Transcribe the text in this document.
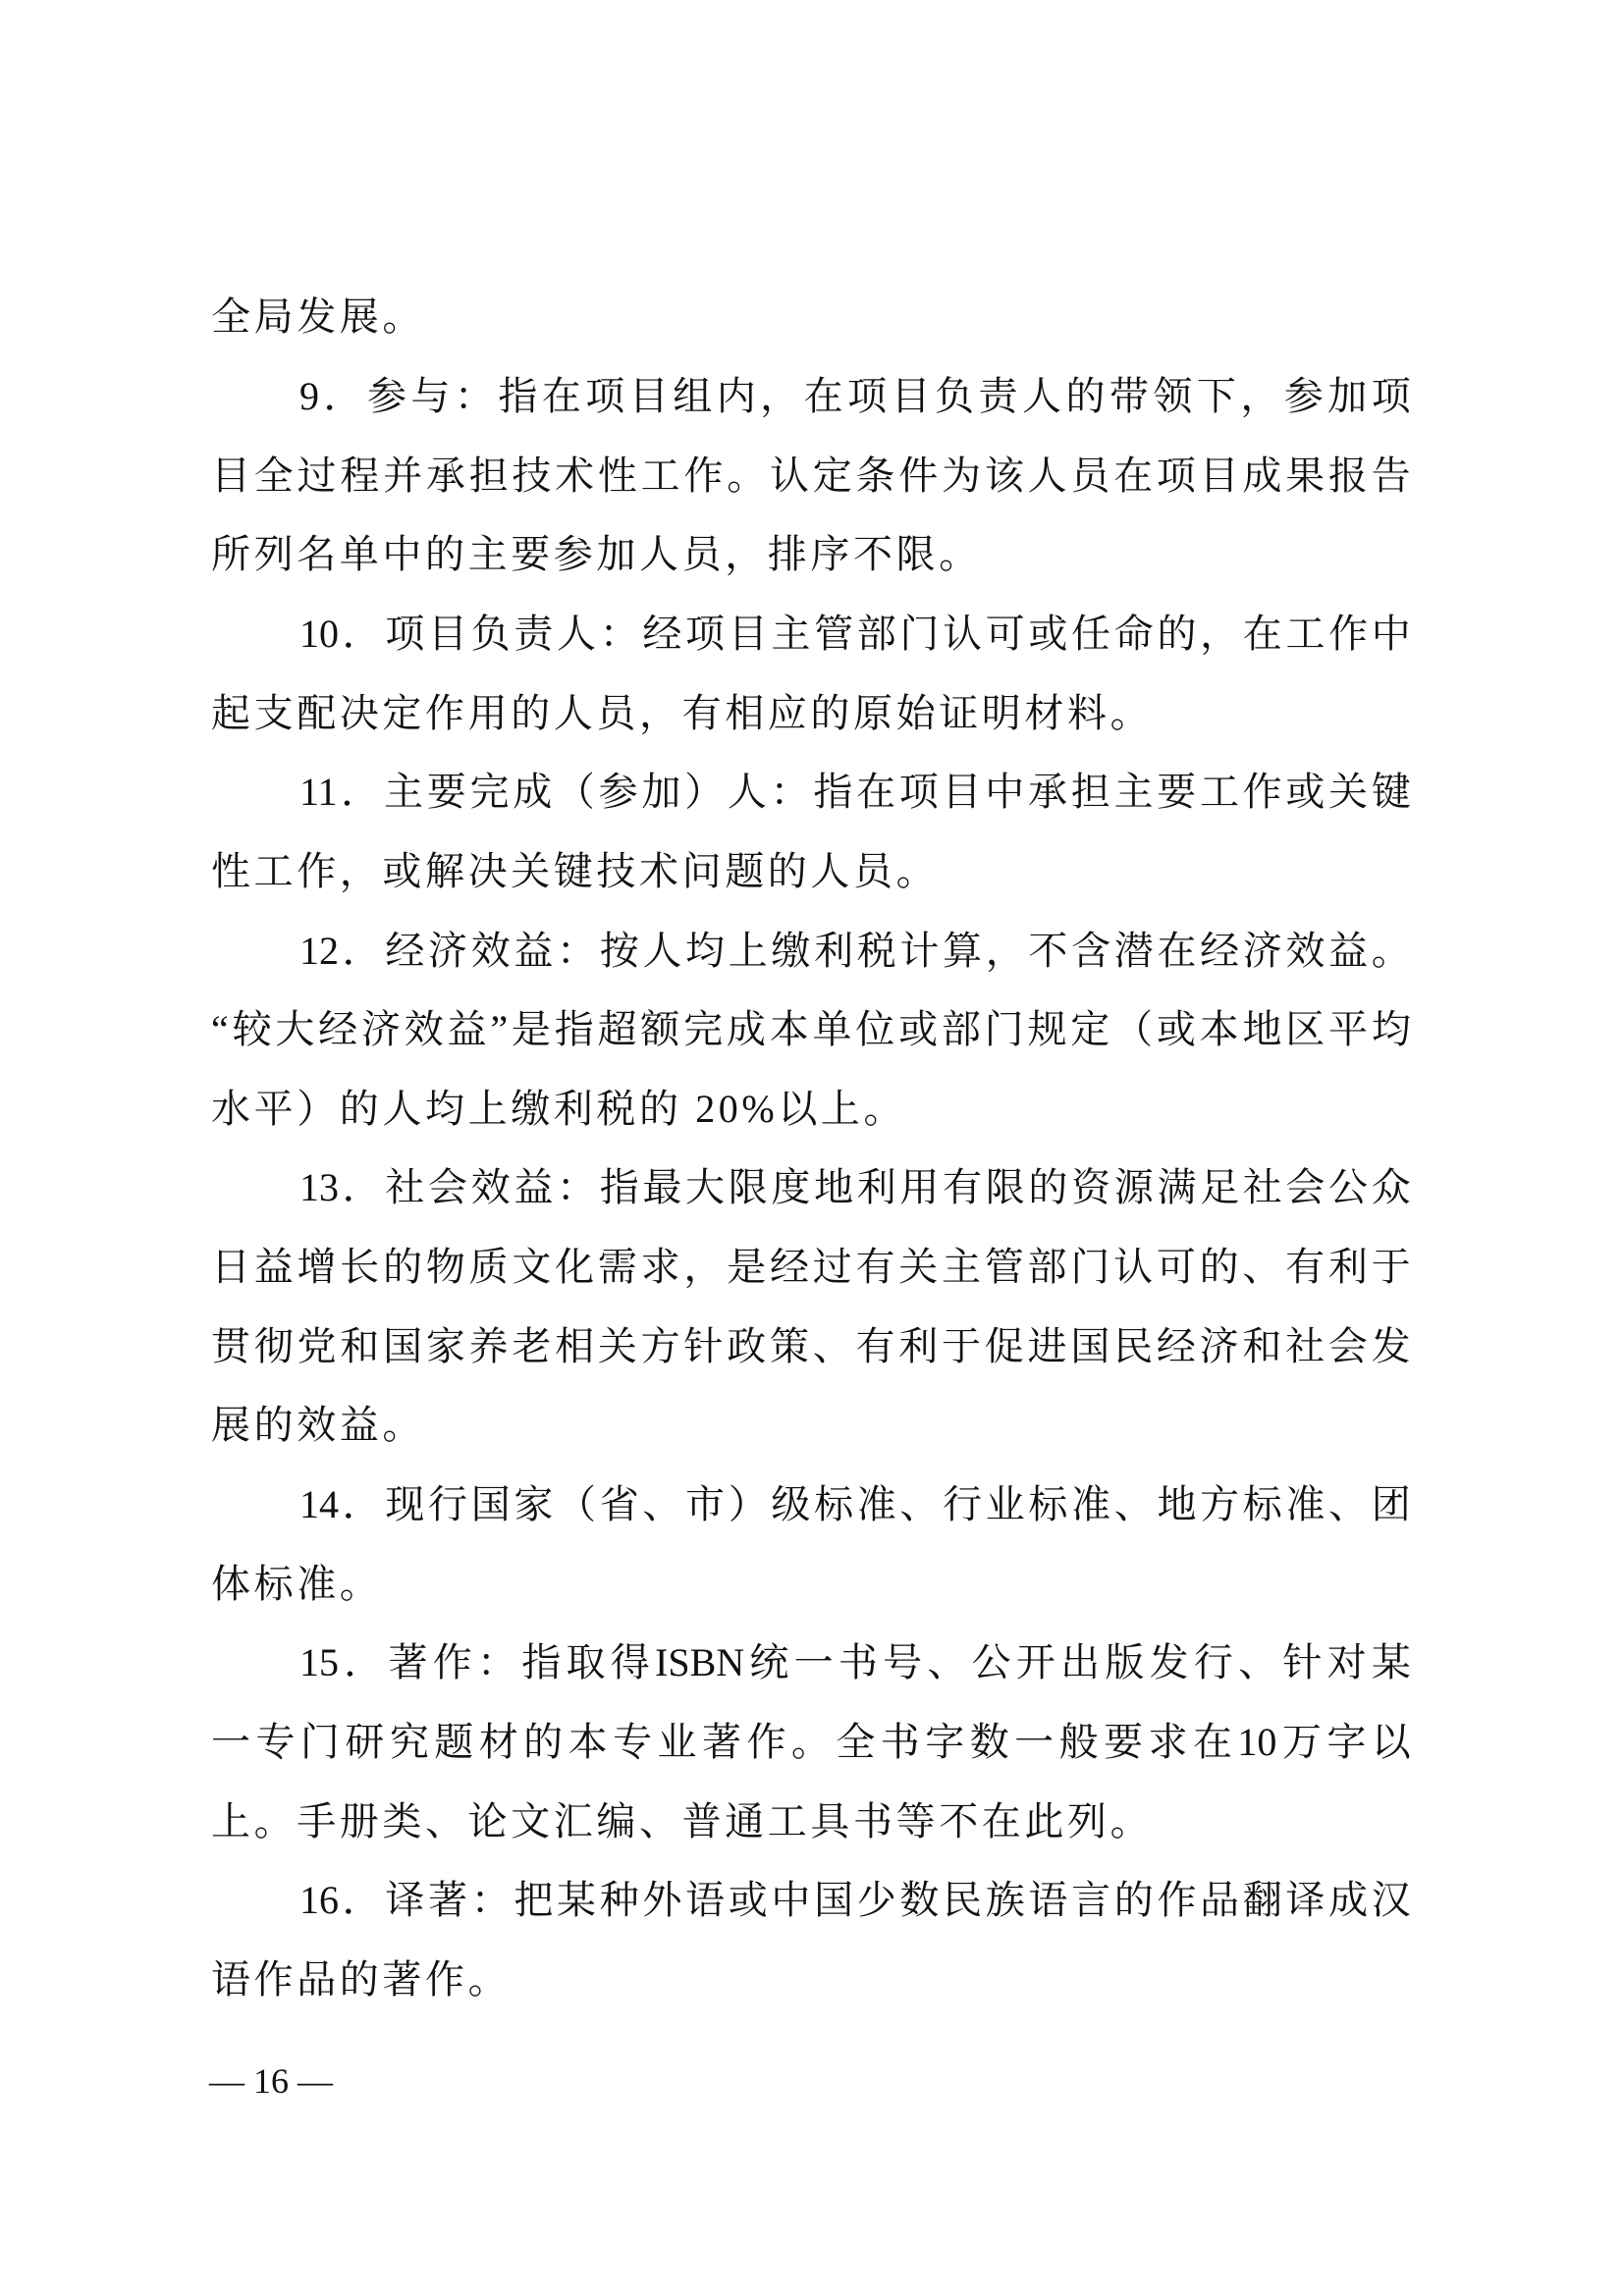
全局发展。
9 ． 参 与 ： 指 在 项 目 组 内 ， 在 项 目 负 责 人 的 带 领 下 ， 参 加 项
目 全 过 程 并 承 担 技 术 性 工 作 。 认 定 条 件 为 该 人 员 在 项 目 成 果 报 告
所列名单中的主要参加人员，排序不限。
10 ． 项 目 负 责 人 ： 经 项 目 主 管 部 门 认 可 或 任 命 的 ， 在 工 作 中
起支配决定作用的人员，有相应的原始证明材料。
11 ． 主 要 完 成 （ 参 加 ） 人 ： 指 在 项 目 中 承 担 主 要 工 作 或 关 键
性工作，或解决关键技术问题的人员。
12 ． 经 济 效 益 ： 按 人 均 上 缴 利 税 计 算 ， 不 含 潜 在 经 济 效 益 。
“ 较 大 经 济 效 益 ” 是 指 超 额 完 成 本 单 位 或 部 门 规 定 （ 或 本 地 区 平 均
水平）的人均上缴利税的 20%以上。
13 ． 社 会 效 益 ： 指 最 大 限 度 地 利 用 有 限 的 资 源 满 足 社 会 公 众
日 益 增 长 的 物 质 文 化 需 求 ， 是 经 过 有 关 主 管 部 门 认 可 的 、 有 利 于
贯 彻 党 和 国 家 养 老 相 关 方 针 政 策 、 有 利 于 促 进 国 民 经 济 和 社 会 发
展的效益。
14 ． 现 行 国 家 （ 省 、 市 ） 级 标 准 、 行 业 标 准 、 地 方 标 准 、 团
体标准。
15 ． 著 作 ： 指 取 得 ISBN 统 一 书 号 、 公 开 出 版 发 行 、 针 对 某
一 专 门 研 究 题 材 的 本 专 业 著 作 。 全 书 字 数 一 般 要 求 在 10 万 字 以
上。手册类、论文汇编、普通工具书等不在此列。
16 ． 译 著 ： 把 某 种 外 语 或 中 国 少 数 民 族 语 言 的 作 品 翻 译 成 汉
语作品的著作。
— 16 —
